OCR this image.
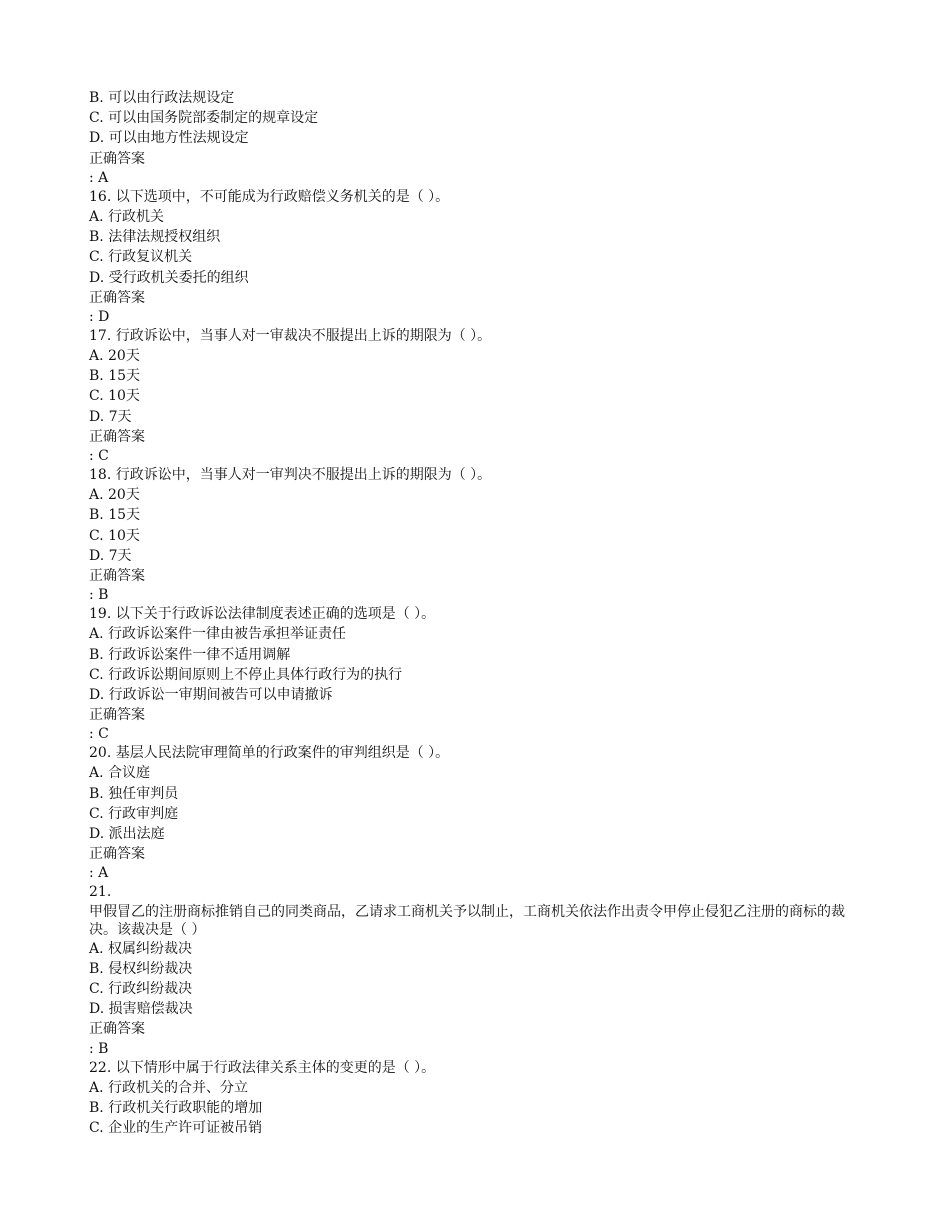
B. 可以由行政法规设定
C. 可以由国务院部委制定的规章设定
D. 可以由地方性法规设定
正确答案
: A
16. 以下选项中，不可能成为行政赔偿义务机关的是（ ）。
A. 行政机关
B. 法律法规授权组织
C. 行政复议机关
D. 受行政机关委托的组织
正确答案
: D
17. 行政诉讼中，当事人对一审裁决不服提出上诉的期限为（ ）。
A. 20天
B. 15天
C. 10天
D. 7天
正确答案
: C
18. 行政诉讼中，当事人对一审判决不服提出上诉的期限为（ ）。
A. 20天
B. 15天
C. 10天
D. 7天
正确答案
: B
19. 以下关于行政诉讼法律制度表述正确的选项是（ ）。
A. 行政诉讼案件一律由被告承担举证责任
B. 行政诉讼案件一律不适用调解
C. 行政诉讼期间原则上不停止具体行政行为的执行
D. 行政诉讼一审期间被告可以申请撤诉
正确答案
: C
20. 基层人民法院审理简单的行政案件的审判组织是（ ）。
A. 合议庭
B. 独任审判员
C. 行政审判庭
D. 派出法庭
正确答案
: A
21.
甲假冒乙的注册商标推销自己的同类商品，乙请求工商机关予以制止，工商机关依法作出责令甲停止侵犯乙注册的商标的裁决。该裁决是（ ）
A. 权属纠纷裁决
B. 侵权纠纷裁决
C. 行政纠纷裁决
D. 损害赔偿裁决
正确答案
: B
22. 以下情形中属于行政法律关系主体的变更的是（ ）。
A. 行政机关的合并、分立
B. 行政机关行政职能的增加
C. 企业的生产许可证被吊销
